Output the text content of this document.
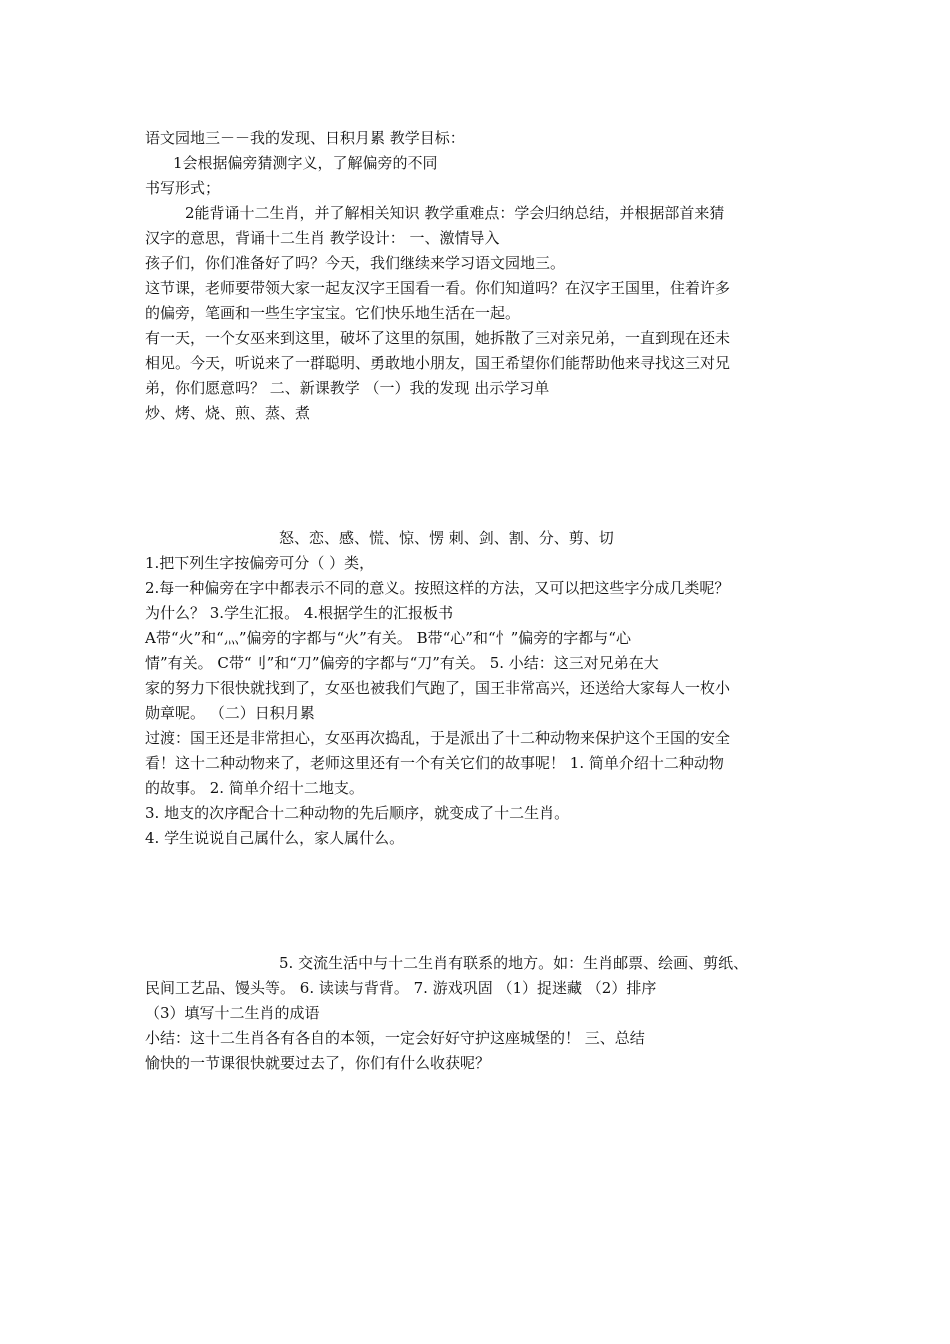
语文园地三－－我的发现、日积月累 教学目标：
1会根据偏旁猜测字义，了解偏旁的不同
书写形式；
2能背诵十二生肖，并了解相关知识 教学重难点：学会归纳总结，并根据部首来猜
汉字的意思，背诵十二生肖 教学设计： 一、激情导入
孩子们，你们准备好了吗？今天，我们继续来学习语文园地三。
这节课，老师要带领大家一起友汉字王国看一看。你们知道吗？在汉字王国里，住着许多
的偏旁，笔画和一些生字宝宝。它们快乐地生活在一起。
有一天，一个女巫来到这里，破坏了这里的氛围，她拆散了三对亲兄弟，一直到现在还未
相见。今天，听说来了一群聪明、勇敢地小朋友，国王希望你们能帮助他来寻找这三对兄
弟，你们愿意吗？ 二、新课教学 （一）我的发现 出示学习单
炒、烤、烧、煎、蒸、煮
怒、恋、感、慌、惊、愣 刺、剑、割、分、剪、切
1.把下列生字按偏旁可分（ ）类，
2.每一种偏旁在字中都表示不同的意义。按照这样的方法，又可以把这些字分成几类呢？
为什么？ 3.学生汇报。 4.根据学生的汇报板书
A带“火”和“灬”偏旁的字都与“火”有关。 B带“心”和“忄”偏旁的字都与“心
情”有关。 C带“刂”和“刀”偏旁的字都与“刀”有关。 5. 小结：这三对兄弟在大
家的努力下很快就找到了，女巫也被我们气跑了，国王非常高兴，还送给大家每人一枚小
勋章呢。 （二）日积月累
过渡：国王还是非常担心，女巫再次捣乱，于是派出了十二种动物来保护这个王国的安全
看！这十二种动物来了，老师这里还有一个有关它们的故事呢！ 1. 简单介绍十二种动物
的故事。 2. 简单介绍十二地支。
3. 地支的次序配合十二种动物的先后顺序，就变成了十二生肖。
4. 学生说说自己属什么，家人属什么。
5. 交流生活中与十二生肖有联系的地方。如：生肖邮票、绘画、剪纸、
民间工艺品、馒头等。 6. 读读与背背。 7. 游戏巩固 （1）捉迷藏 （2）排序
（3）填写十二生肖的成语
小结：这十二生肖各有各自的本领，一定会好好守护这座城堡的！ 三、总结
愉快的一节课很快就要过去了，你们有什么收获呢？
